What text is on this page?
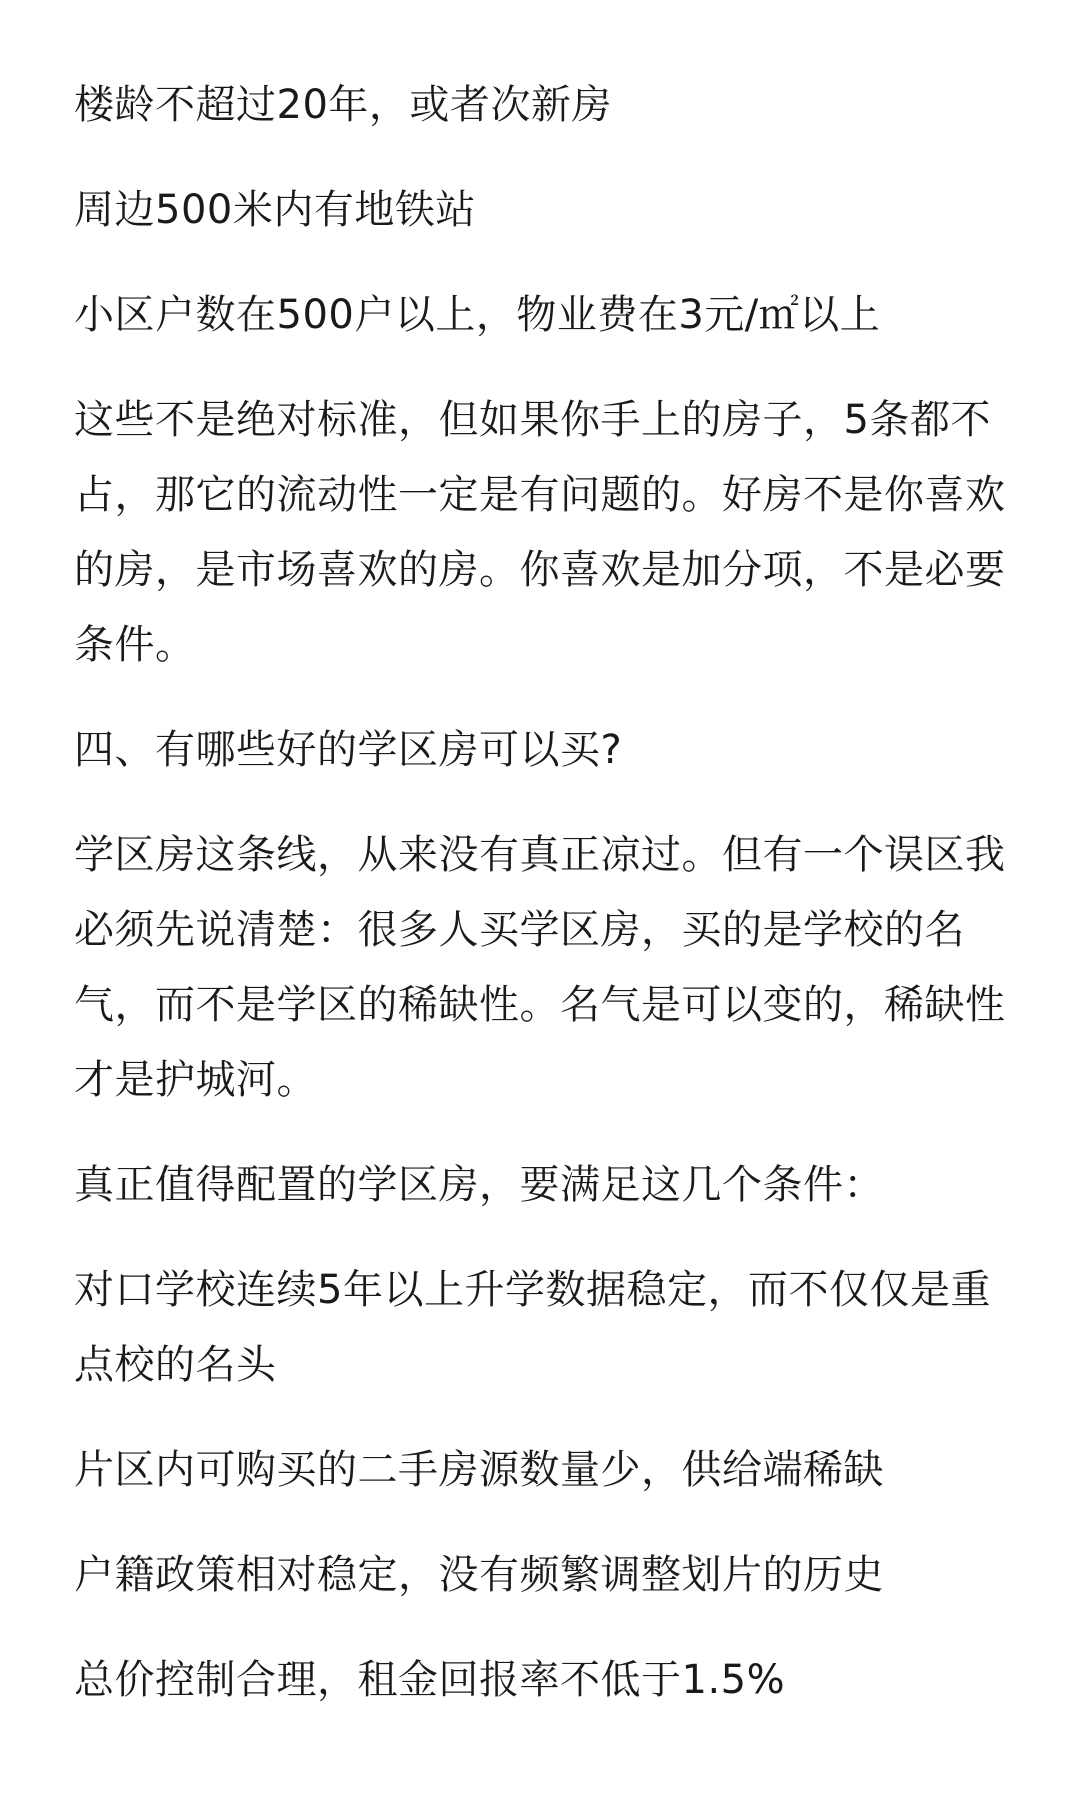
楼龄不超过20年，或者次新房

周边500米内有地铁站

小区户数在500户以上，物业费在3元/㎡以上

这些不是绝对标准，但如果你手上的房子，5条都不占，那它的流动性一定是有问题的。好房不是你喜欢的房，是市场喜欢的房。你喜欢是加分项，不是必要条件。

四、有哪些好的学区房可以买?

学区房这条线，从来没有真正凉过。但有一个误区我必须先说清楚：很多人买学区房，买的是学校的名气，而不是学区的稀缺性。名气是可以变的，稀缺性才是护城河。

真正值得配置的学区房，要满足这几个条件：

对口学校连续5年以上升学数据稳定，而不仅仅是重点校的名头

片区内可购买的二手房源数量少，供给端稀缺

户籍政策相对稳定，没有频繁调整划片的历史

总价控制合理，租金回报率不低于1.5%
